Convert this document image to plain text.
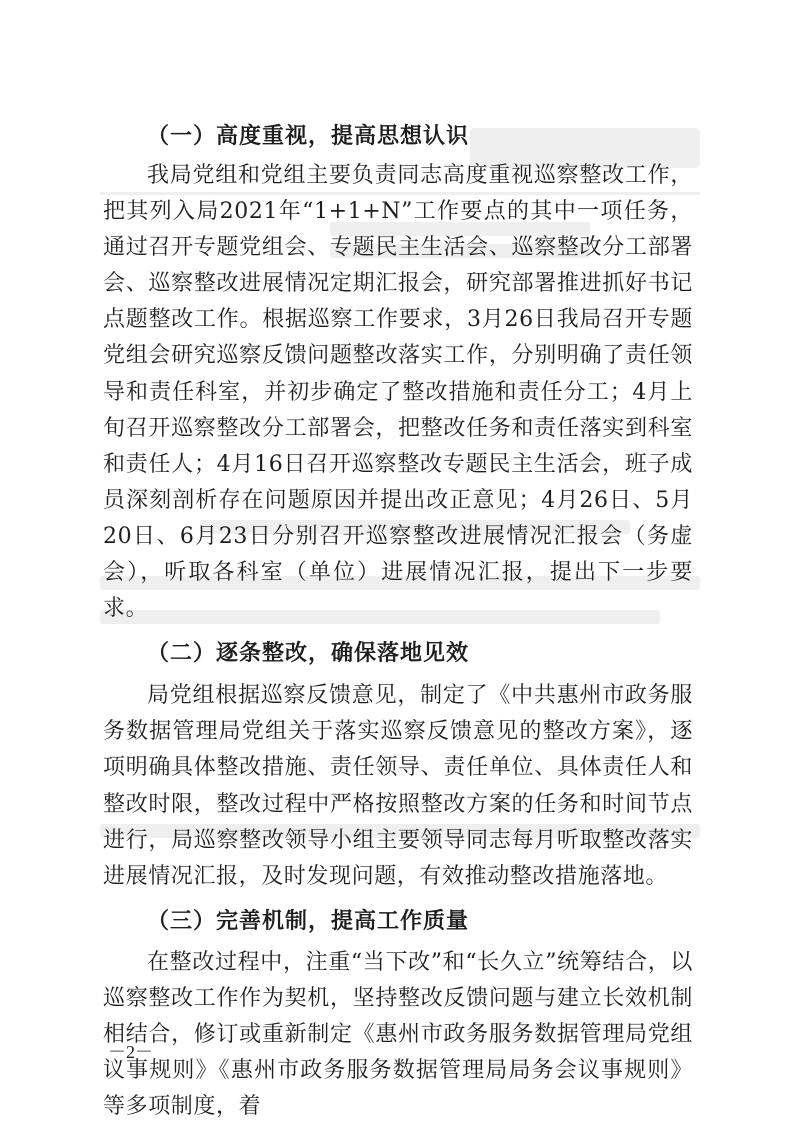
（一）高度重视，提高思想认识

我局党组和党组主要负责同志高度重视巡察整改工作，把其列入局2021年“1+1+N”工作要点的其中一项任务，通过召开专题党组会、专题民主生活会、巡察整改分工部署会、巡察整改进展情况定期汇报会，研究部署推进抓好书记点题整改工作。根据巡察工作要求，3月26日我局召开专题党组会研究巡察反馈问题整改落实工作，分别明确了责任领导和责任科室，并初步确定了整改措施和责任分工；4月上旬召开巡察整改分工部署会，把整改任务和责任落实到科室和责任人；4月16日召开巡察整改专题民主生活会，班子成员深刻剖析存在问题原因并提出改正意见；4月26日、5月20日、6月23日分别召开巡察整改进展情况汇报会（务虚会），听取各科室（单位）进展情况汇报，提出下一步要求。

（二）逐条整改，确保落地见效

局党组根据巡察反馈意见，制定了《中共惠州市政务服务数据管理局党组关于落实巡察反馈意见的整改方案》，逐项明确具体整改措施、责任领导、责任单位、具体责任人和整改时限，整改过程中严格按照整改方案的任务和时间节点进行，局巡察整改领导小组主要领导同志每月听取整改落实进展情况汇报，及时发现问题，有效推动整改措施落地。

（三）完善机制，提高工作质量

在整改过程中，注重“当下改”和“长久立”统筹结合，以巡察整改工作作为契机，坚持整改反馈问题与建立长效机制相结合，修订或重新制定《惠州市政务服务数据管理局党组议事规则》《惠州市政务服务数据管理局局务会议事规则》等多项制度，着

－2－
